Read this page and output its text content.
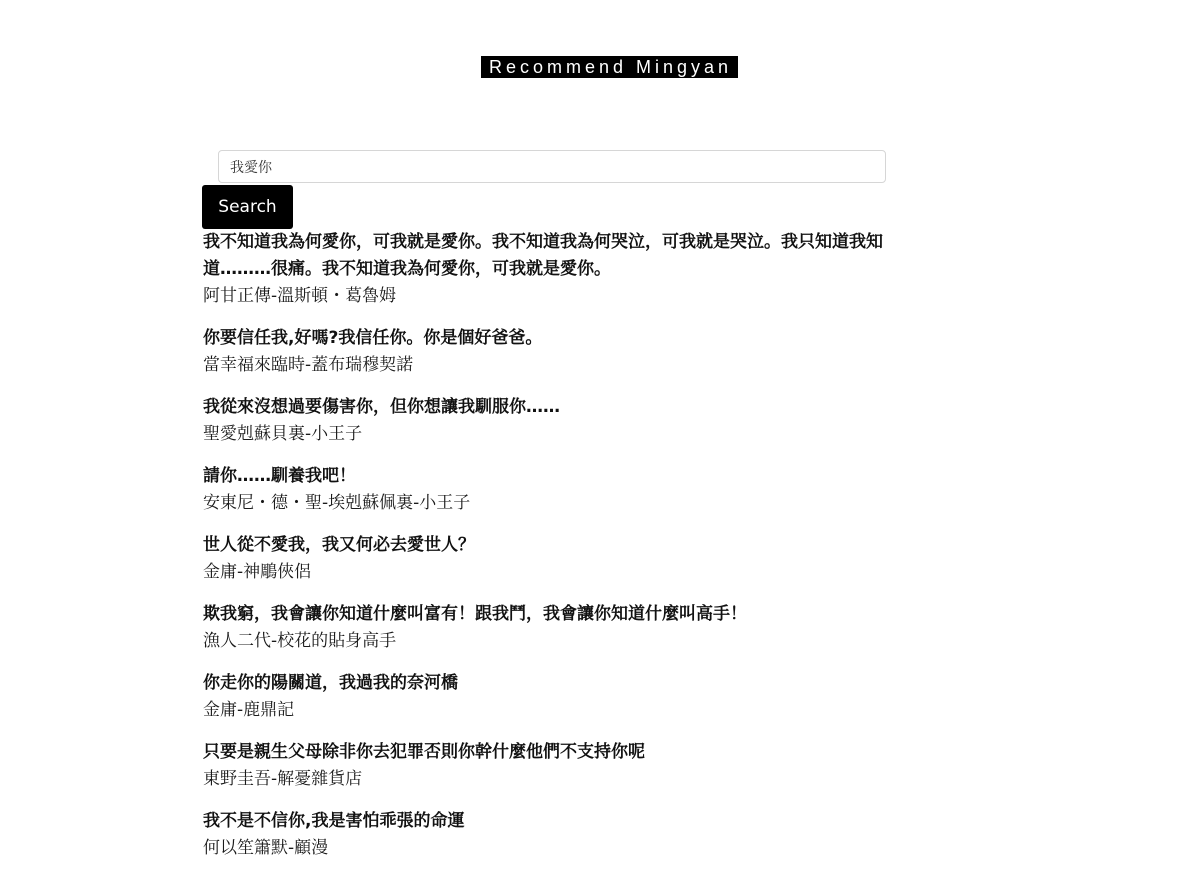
Recommend Mingyan
我愛你
Search

我不知道我為何愛你，可我就是愛你。我不知道我為何哭泣，可我就是哭泣。我只知道我知道………很痛。我不知道我為何愛你，可我就是愛你。

阿甘正傳-溫斯頓・葛魯姆

你要信任我,好嗎?我信任你。你是個好爸爸。

當幸福來臨時-蓋布瑞穆契諾

我從來沒想過要傷害你，但你想讓我馴服你……

聖愛剋蘇貝裏-小王子

請你……馴養我吧！

安東尼・德・聖-埃剋蘇佩裏-小王子

世人從不愛我，我又何必去愛世人？

金庸-神鵰俠侶

欺我窮，我會讓你知道什麼叫富有！跟我鬥，我會讓你知道什麼叫高手！

漁人二代-校花的貼身高手

你走你的陽關道，我過我的奈河橋

金庸-鹿鼎記

只要是親生父母除非你去犯罪否則你幹什麼他們不支持你呢

東野圭吾-解憂雜貨店

我不是不信你,我是害怕乖張的命運

何以笙簫默-顧漫
